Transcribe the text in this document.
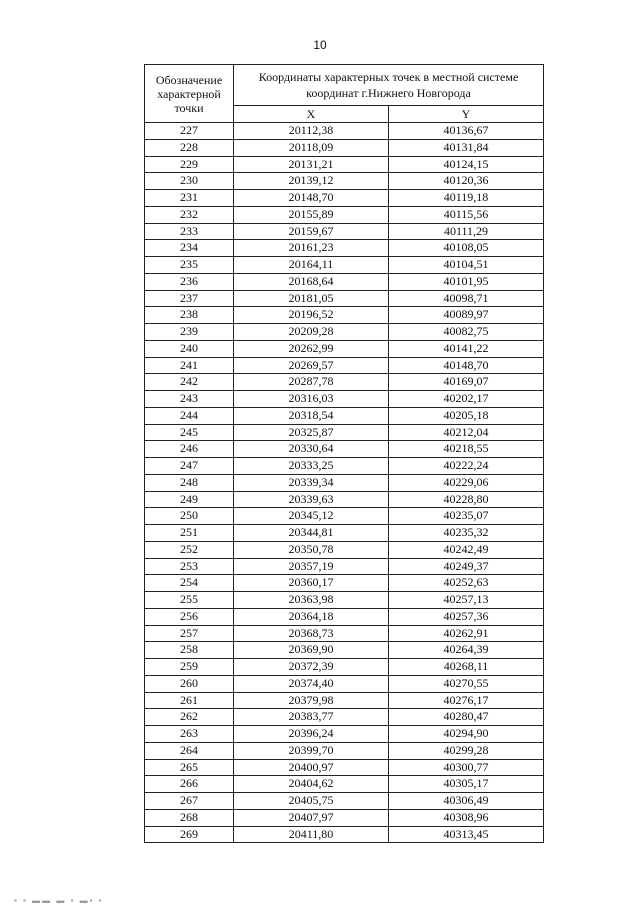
10
Обозначение характерной точки	Координаты характерных точек в местной системе координат г.Нижнего Новгорода	
	X	Y
227	20112,38	40136,67
228	20118,09	40131,84
229	20131,21	40124,15
230	20139,12	40120,36
231	20148,70	40119,18
232	20155,89	40115,56
233	20159,67	40111,29
234	20161,23	40108,05
235	20164,11	40104,51
236	20168,64	40101,95
237	20181,05	40098,71
238	20196,52	40089,97
239	20209,28	40082,75
240	20262,99	40141,22
241	20269,57	40148,70
242	20287,78	40169,07
243	20316,03	40202,17
244	20318,54	40205,18
245	20325,87	40212,04
246	20330,64	40218,55
247	20333,25	40222,24
248	20339,34	40229,06
249	20339,63	40228,80
250	20345,12	40235,07
251	20344,81	40235,32
252	20350,78	40242,49
253	20357,19	40249,37
254	20360,17	40252,63
255	20363,98	40257,13
256	20364,18	40257,36
257	20368,73	40262,91
258	20369,90	40264,39
259	20372,39	40268,11
260	20374,40	40270,55
261	20379,98	40276,17
262	20383,77	40280,47
263	20396,24	40294,90
264	20399,70	40299,28
265	20400,97	40300,77
266	20404,62	40305,17
267	20405,75	40306,49
268	20407,97	40308,96
269	20411,80	40313,45
▪ ▪ ▬▬ ▬ ▪ ▬▪ ▪
